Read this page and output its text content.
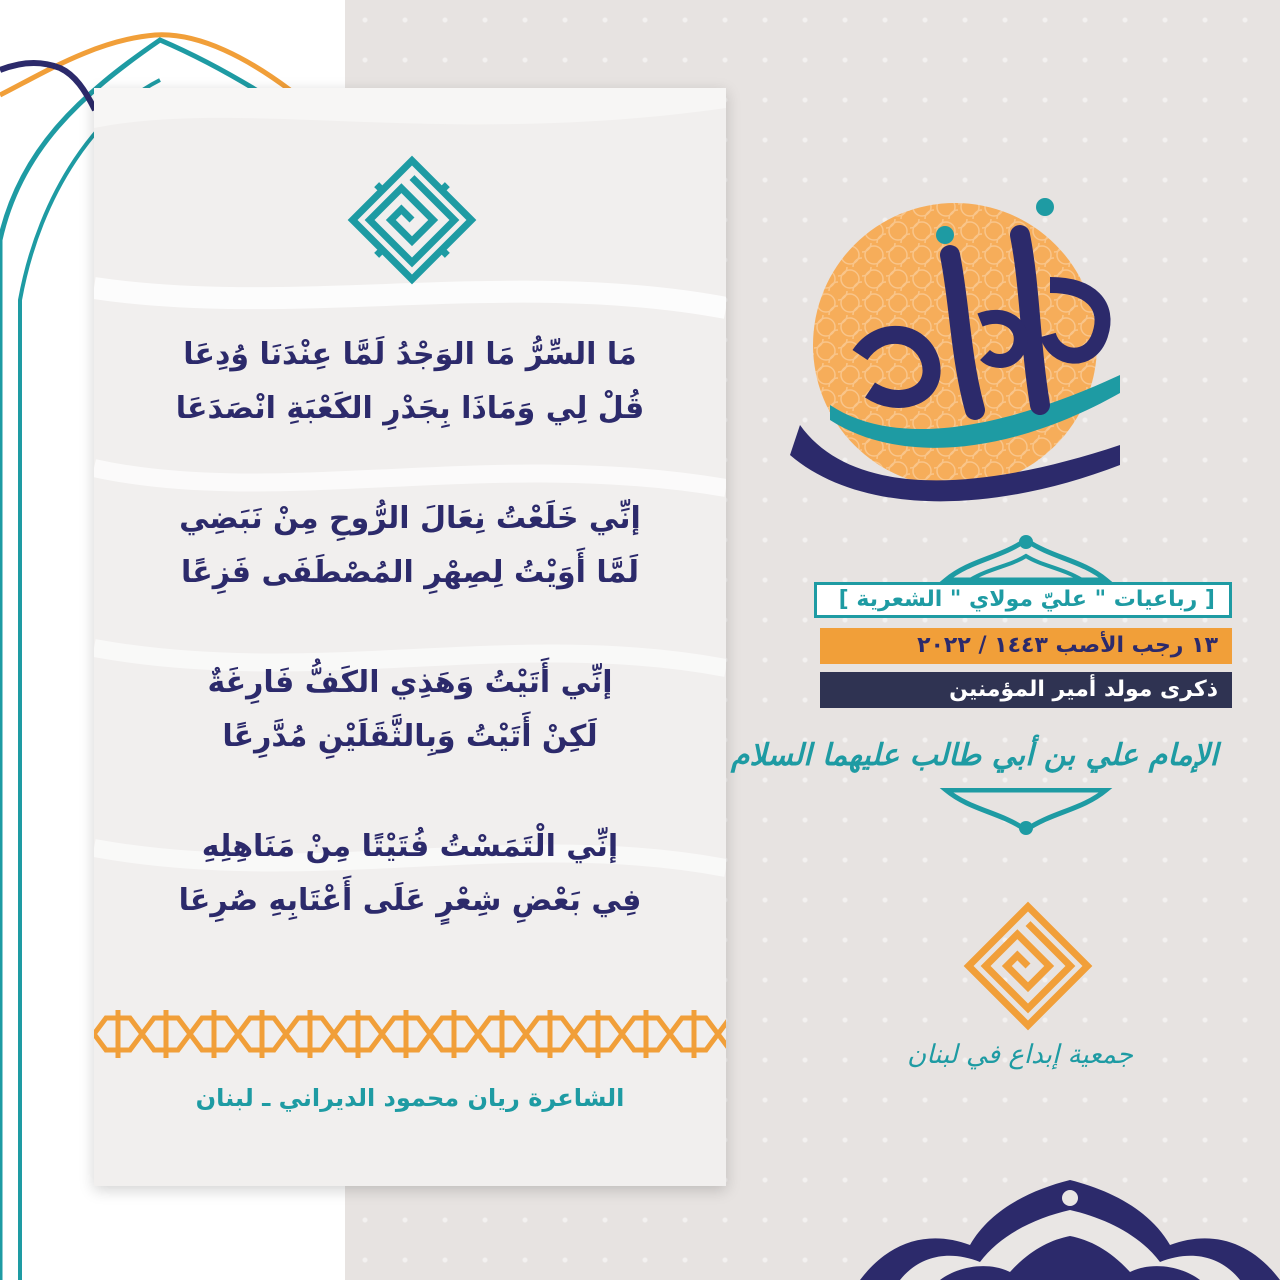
مَا السِّرُّ مَا الوَجْدُ لَمَّا عِنْدَنَا وُدِعَا
قُلْ لِي وَمَاذَا بِجَدْرِ الكَعْبَةِ انْصَدَعَا
إنِّي خَلَعْتُ نِعَالَ الرُّوحِ مِنْ نَبَضِي
لَمَّا أَوَيْتُ لِصِهْرِ المُصْطَفَى فَزِعًا
إنِّي أَتَيْتُ وَهَذِي الكَفُّ فَارِغَةٌ
لَكِنْ أَتَيْتُ وَبِالثَّقَلَيْنِ مُدَّرِعًا
إنِّي الْتَمَسْتُ فُتَيْتًا مِنْ مَنَاهِلِهِ
فِي بَعْضِ شِعْرٍ عَلَى أَعْتَابِهِ صُرِعَا
الشاعرة ريان محمود الديراني ـ لبنان
[ رباعيات " عليّ مولاي " الشعرية ]
١٣ رجب الأصب ١٤٤٣ / ٢٠٢٢
ذكرى مولد أمير المؤمنين
الإمام علي بن أبي طالب عليهما السلام
جمعية إبداع في لبنان
